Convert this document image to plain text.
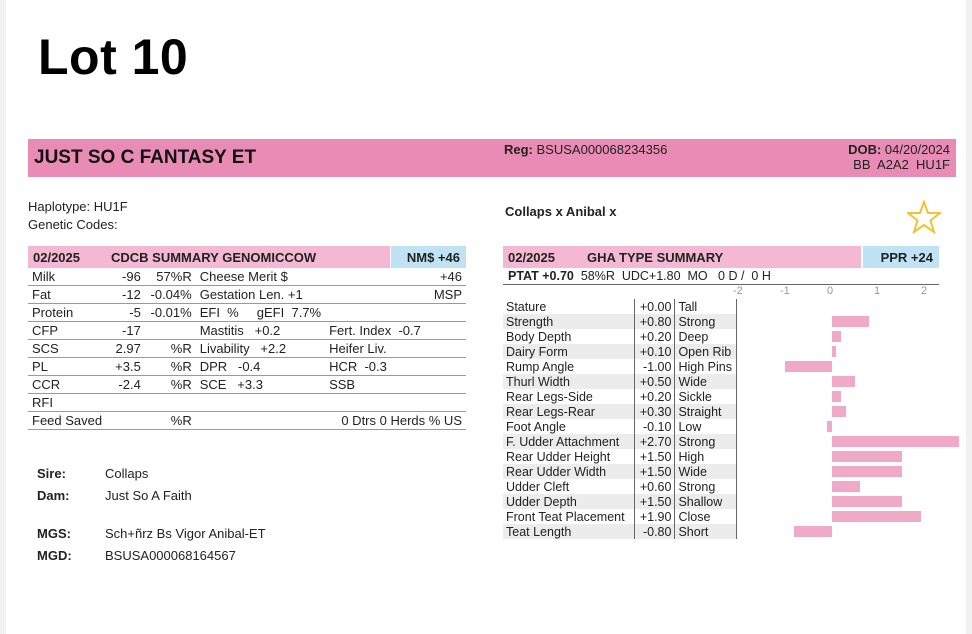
Lot 10
JUST SO C FANTASY ET	Reg: BSUSA000068234356	DOB: 04/20/2024
BB  A2A2  HU1F
Haplotype: HU1F
Genetic Codes:
Collaps x Anibal x
02/2025 CDCB SUMMARY GENOMICCOW	NM$ +46
Milk	-96	57%R	Cheese Merit $		+46
Fat	-12	-0.04%	Gestation Len. +1		MSP
Protein	-5	-0.01%	EFI  %     gEFI  7.7%		
CFP	-17		Mastitis   +0.2	Fert. Index  -0.7	
SCS	2.97	%R	Livability   +2.2	Heifer Liv.	
PL	+3.5	%R	DPR   -0.4	HCR  -0.3	
CCR	-2.4	%R	SCE   +3.3	SSB	
RFI					
Feed Saved		%R	0 Dtrs 0 Herds % US		
Sire:	Collaps
Dam:	Just So A Faith
MGS:	Sch+ñrz Bs Vigor Anibal-ET
MGD:	BSUSA000068164567
02/2025 GHA TYPE SUMMARY	PPR +24
PTAT +0.70 58%R  UDC+1.80  MO   0 D /  0 H
-2	-1	0	1	2
Stature	+0.00	Tall	

Strength	+0.80	Strong	

Body Depth	+0.20	Deep	

Dairy Form	+0.10	Open Rib	

Rump Angle	-1.00	High Pins	

Thurl Width	+0.50	Wide	

Rear Legs-Side	+0.20	Sickle	

Rear Legs-Rear	+0.30	Straight	

Foot Angle	-0.10	Low	

F. Udder Attachment	+2.70	Strong	

Rear Udder Height	+1.50	High	

Rear Udder Width	+1.50	Wide	

Udder Cleft	+0.60	Strong	

Udder Depth	+1.50	Shallow	

Front Teat Placement	+1.90	Close	

Teat Length	-0.80	Short	
